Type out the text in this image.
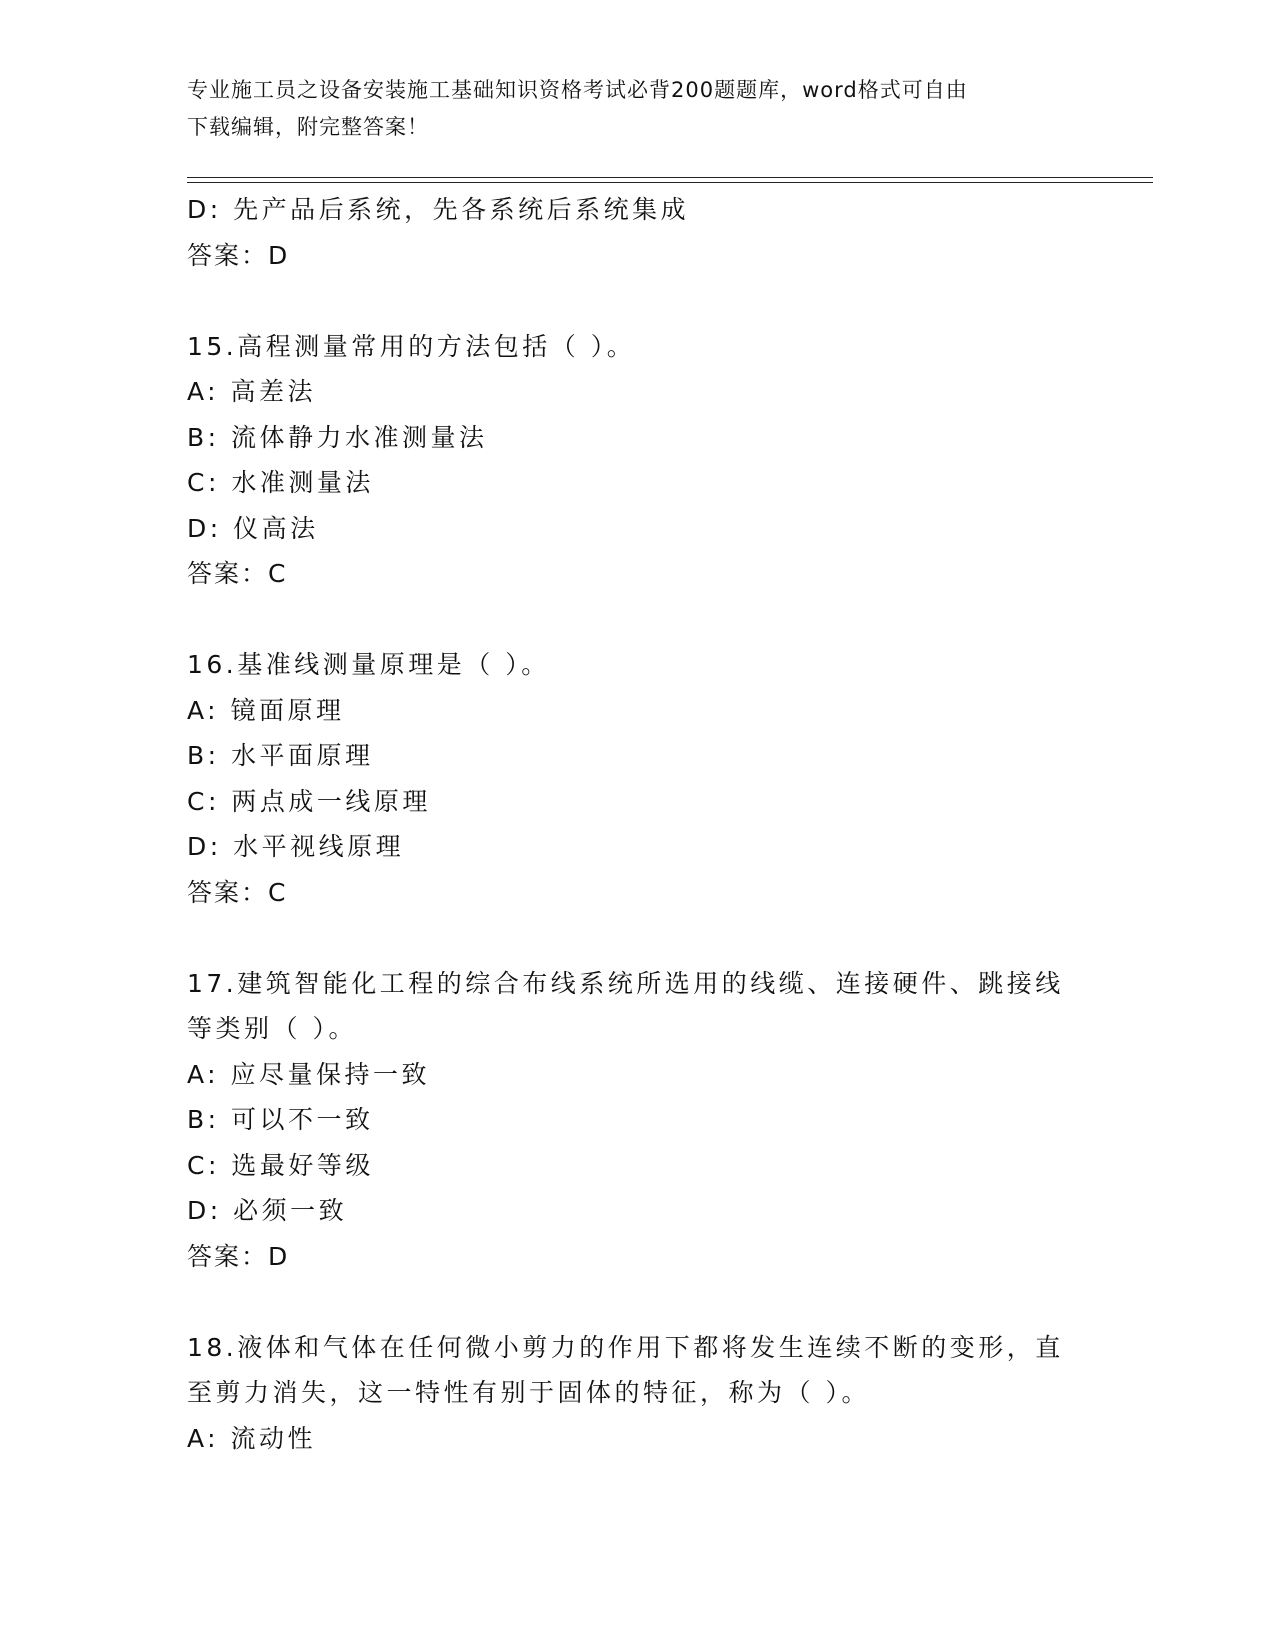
专业施工员之设备安装施工基础知识资格考试必背200题题库，word格式可自由
下载编辑，附完整答案！
D: 先产品后系统，先各系统后系统集成
答案：D
15.高程测量常用的方法包括（ ）。
A: 高差法
B: 流体静力水准测量法
C: 水准测量法
D: 仪高法
答案：C
16.基准线测量原理是（ ）。
A: 镜面原理
B: 水平面原理
C: 两点成一线原理
D: 水平视线原理
答案：C
17.建筑智能化工程的综合布线系统所选用的线缆、连接硬件、跳接线
等类别（ ）。
A: 应尽量保持一致
B: 可以不一致
C: 选最好等级
D: 必须一致
答案：D
18.液体和气体在任何微小剪力的作用下都将发生连续不断的变形，直
至剪力消失，这一特性有别于固体的特征，称为（ ）。
A: 流动性
